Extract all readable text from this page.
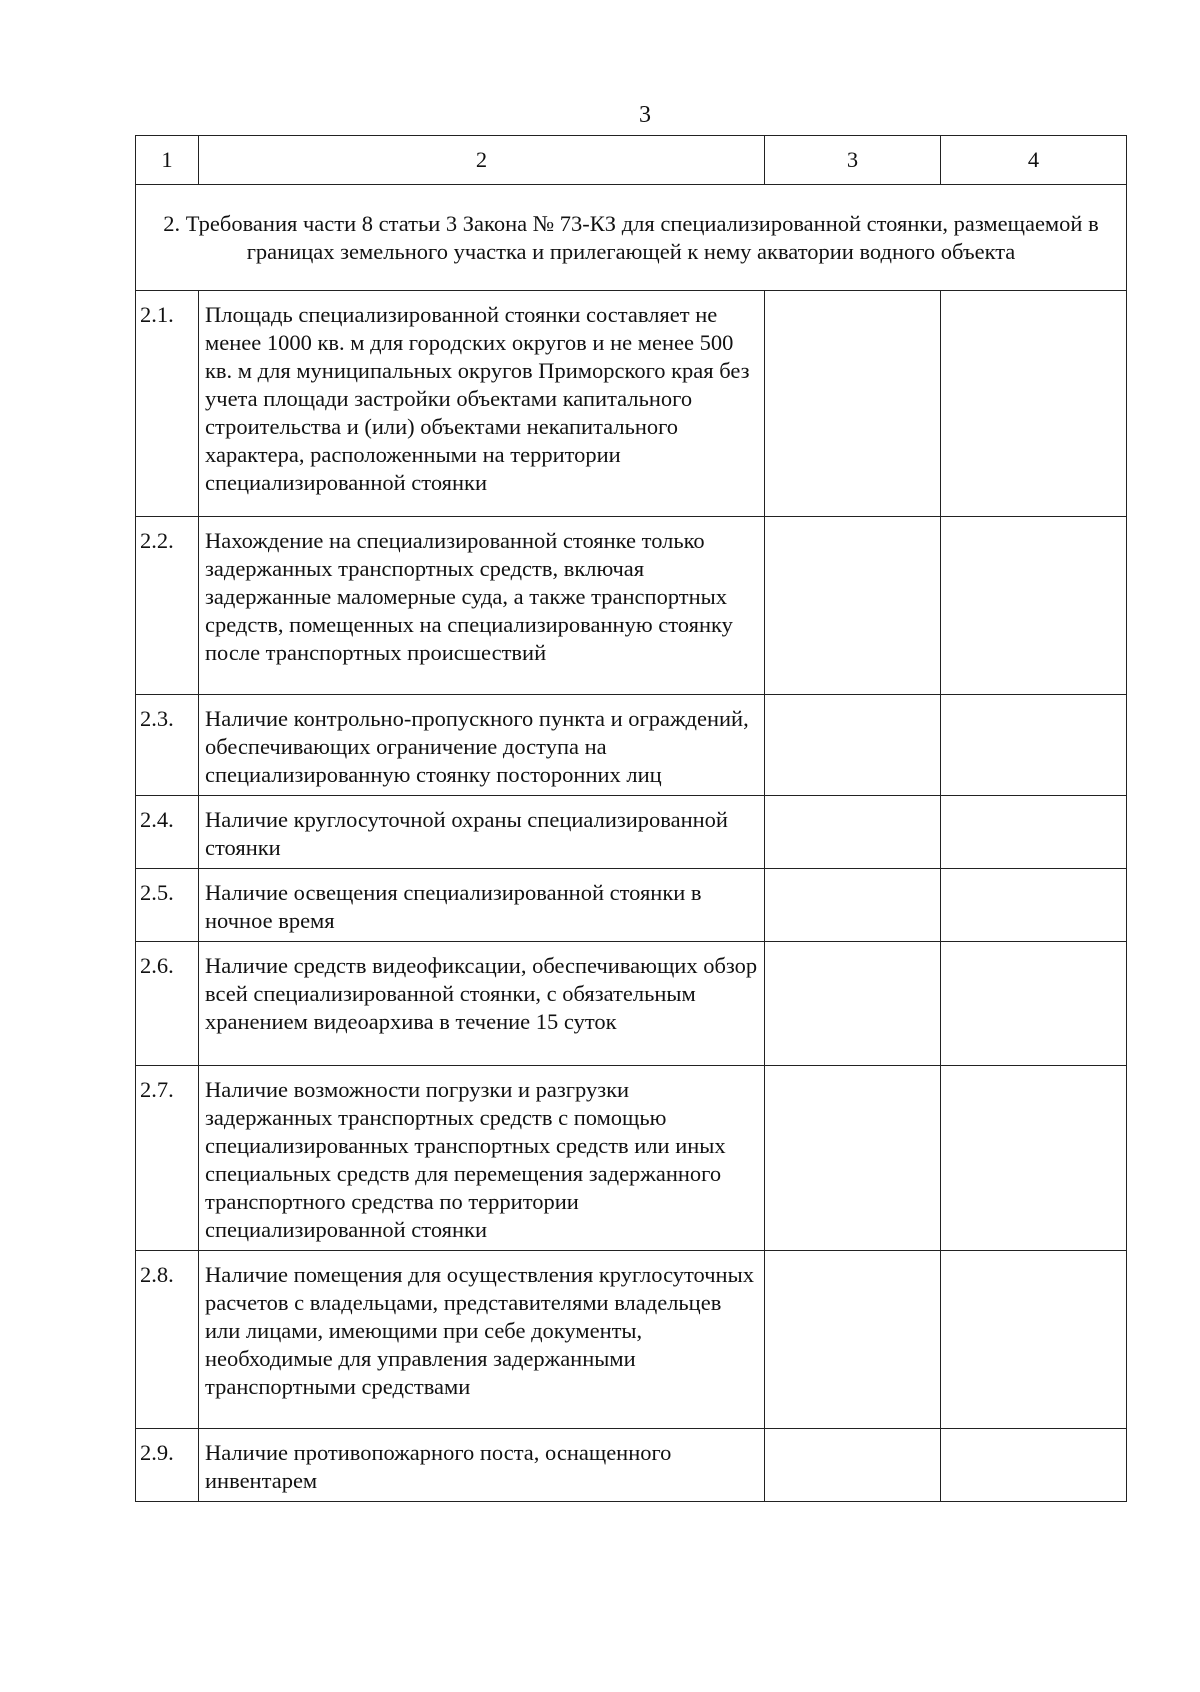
3
1	2	3	4
2. Требования части 8 статьи 3 Закона № 73-КЗ для специализированной стоянки, размещаемой в границах земельного участка и прилегающей к нему акватории водного объекта			
2.1.	Площадь специализированной стоянки составляет не менее 1000 кв. м для городских округов и не менее 500 кв. м для муниципальных округов Приморского края без учета площади застройки объектами капитального строительства и (или) объектами некапитального характера, расположенными на территории специализированной стоянки		
2.2.	Нахождение на специализированной стоянке только задержанных транспортных средств, включая задержанные маломерные суда, а также транспортных средств, помещенных на специализированную стоянку после транспортных происшествий		
2.3.	Наличие контрольно-пропускного пункта и ограждений, обеспечивающих ограничение доступа на специализированную стоянку посторонних лиц		
2.4.	Наличие круглосуточной охраны специализированной стоянки		
2.5.	Наличие освещения специализированной стоянки в ночное время		
2.6.	Наличие средств видеофиксации, обеспечивающих обзор всей специализированной стоянки, с обязательным хранением видеоархива в течение 15 суток		
2.7.	Наличие возможности погрузки и разгрузки задержанных транспортных средств с помощью специализированных транспортных средств или иных специальных средств для перемещения задержанного транспортного средства по территории специализированной стоянки		
2.8.	Наличие помещения для осуществления круглосуточных расчетов с владельцами, представителями владельцев или лицами, имеющими при себе документы, необходимые для управления задержанными транспортными средствами		
2.9.	Наличие противопожарного поста, оснащенного инвентарем		
